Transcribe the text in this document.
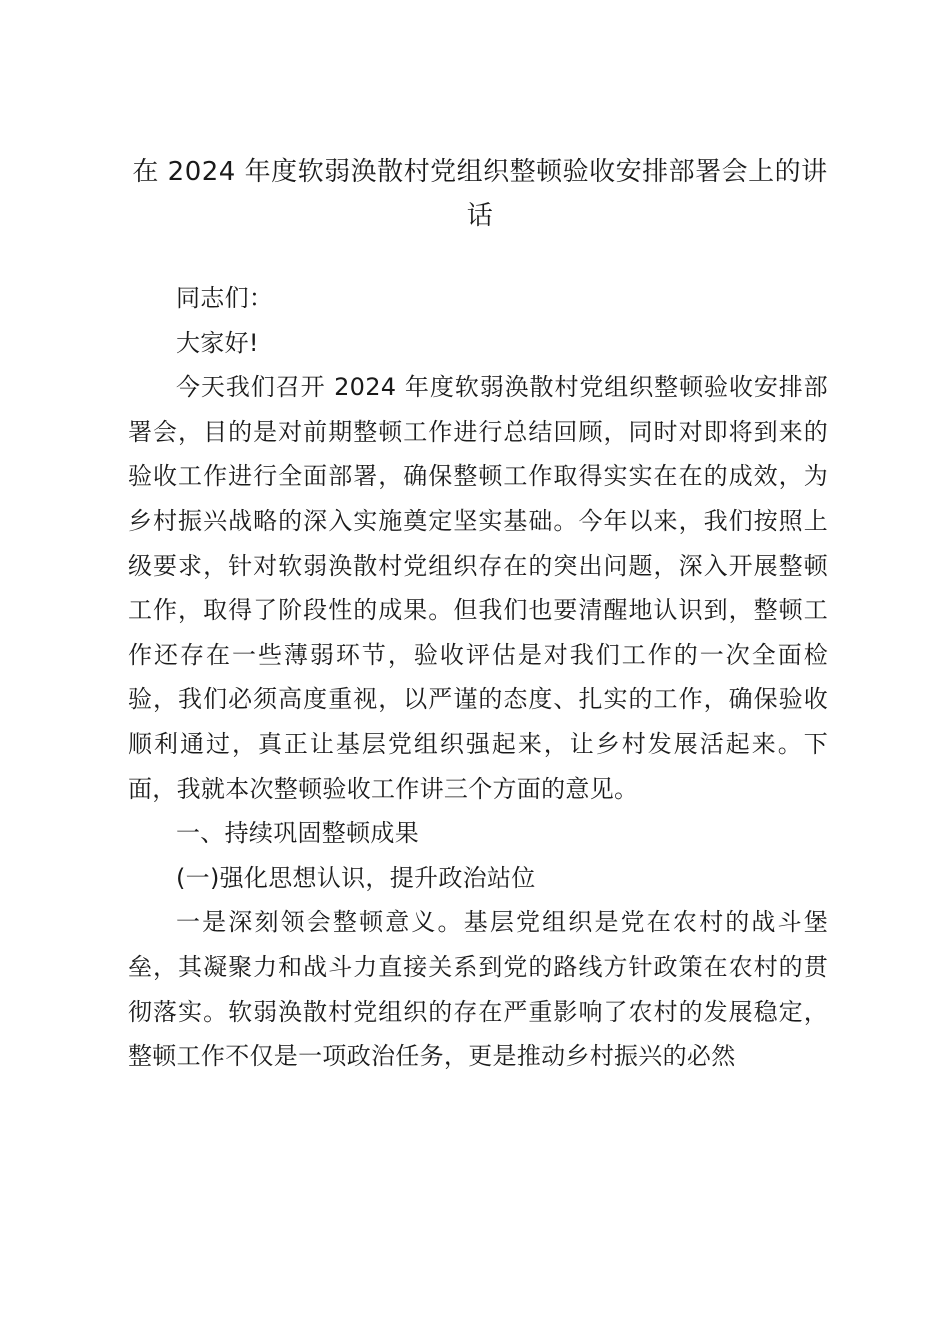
在 2024 年度软弱涣散村党组织整顿验收安排部署会上的讲话

同志们：

大家好!

今天我们召开 2024 年度软弱涣散村党组织整顿验收安排部署会，目的是对前期整顿工作进行总结回顾，同时对即将到来的验收工作进行全面部署，确保整顿工作取得实实在在的成效，为乡村振兴战略的深入实施奠定坚实基础。今年以来，我们按照上级要求，针对软弱涣散村党组织存在的突出问题，深入开展整顿工作，取得了阶段性的成果。但我们也要清醒地认识到，整顿工作还存在一些薄弱环节，验收评估是对我们工作的一次全面检验，我们必须高度重视，以严谨的态度、扎实的工作，确保验收顺利通过，真正让基层党组织强起来，让乡村发展活起来。下面，我就本次整顿验收工作讲三个方面的意见。

一、持续巩固整顿成果

(一)强化思想认识，提升政治站位

一是深刻领会整顿意义。基层党组织是党在农村的战斗堡垒，其凝聚力和战斗力直接关系到党的路线方针政策在农村的贯彻落实。软弱涣散村党组织的存在严重影响了农村的发展稳定，整顿工作不仅是一项政治任务，更是推动乡村振兴的必然
